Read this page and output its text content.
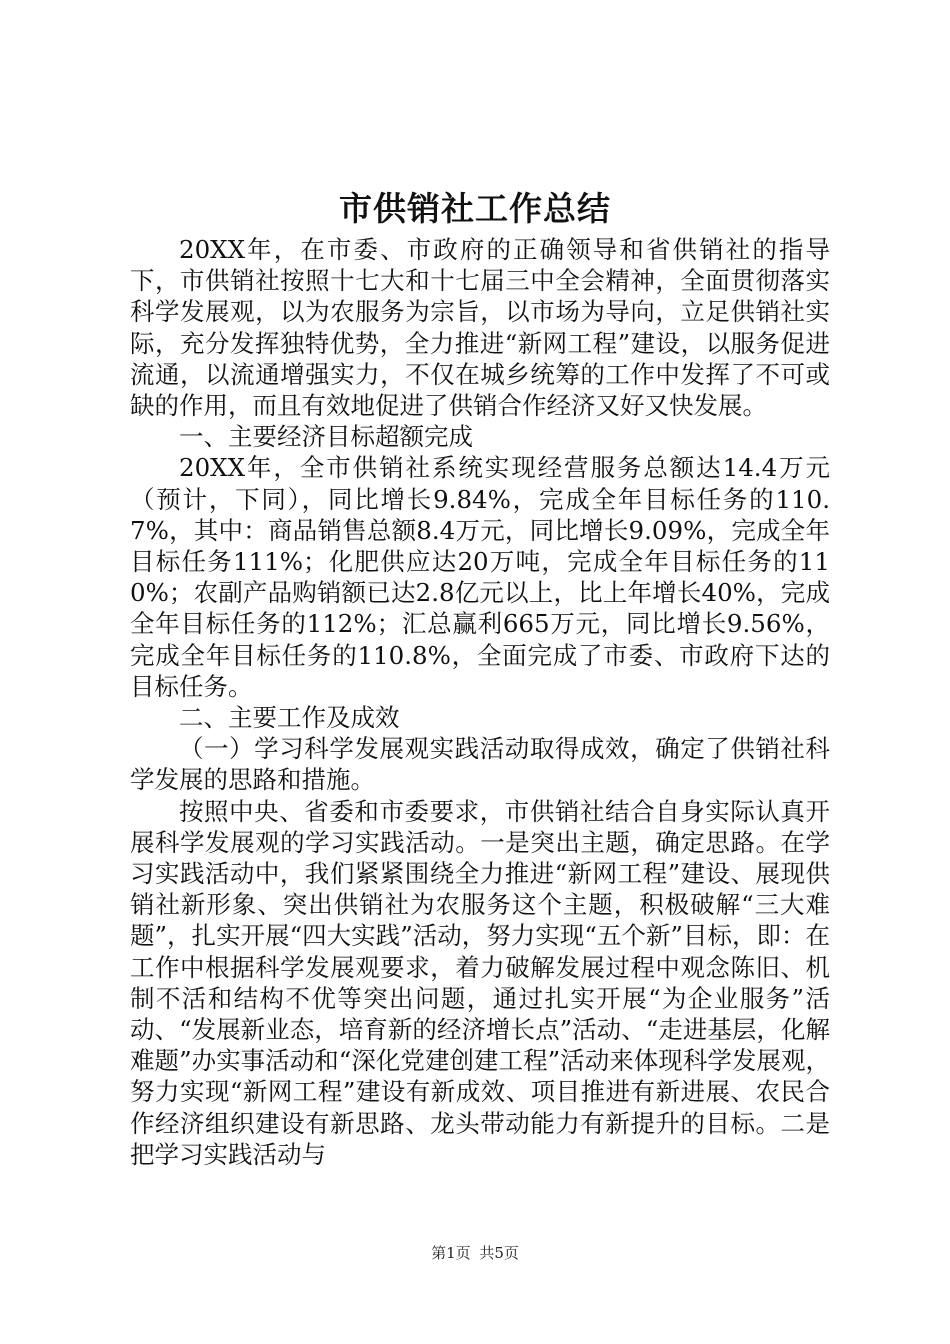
市供销社工作总结

20XX年，在市委、市政府的正确领导和省供销社的指导下，市供销社按照十七大和十七届三中全会精神，全面贯彻落实科学发展观，以为农服务为宗旨，以市场为导向，立足供销社实际，充分发挥独特优势，全力推进“新网工程”建设，以服务促进流通，以流通增强实力，不仅在城乡统筹的工作中发挥了不可或缺的作用，而且有效地促进了供销合作经济又好又快发展。

一、主要经济目标超额完成

20XX年，全市供销社系统实现经营服务总额达14.4万元（预计，下同），同比增长9.84%，完成全年目标任务的110.7%，其中：商品销售总额8.4万元，同比增长9.09%，完成全年目标任务111%；化肥供应达20万吨，完成全年目标任务的110%；农副产品购销额已达2.8亿元以上，比上年增长40%，完成全年目标任务的112%；汇总赢利665万元，同比增长9.56%，完成全年目标任务的110.8%，全面完成了市委、市政府下达的目标任务。

二、主要工作及成效

（一）学习科学发展观实践活动取得成效，确定了供销社科学发展的思路和措施。

按照中央、省委和市委要求，市供销社结合自身实际认真开展科学发展观的学习实践活动。一是突出主题，确定思路。在学习实践活动中，我们紧紧围绕全力推进“新网工程”建设、展现供销社新形象、突出供销社为农服务这个主题，积极破解“三大难题”，扎实开展“四大实践”活动，努力实现“五个新”目标，即：在工作中根据科学发展观要求，着力破解发展过程中观念陈旧、机制不活和结构不优等突出问题，通过扎实开展“为企业服务”活动、“发展新业态，培育新的经济增长点”活动、“走进基层，化解难题”办实事活动和“深化党建创建工程”活动来体现科学发展观，努力实现“新网工程”建设有新成效、项目推进有新进展、农民合作经济组织建设有新思路、龙头带动能力有新提升的目标。二是把学习实践活动与

第1页 共5页
